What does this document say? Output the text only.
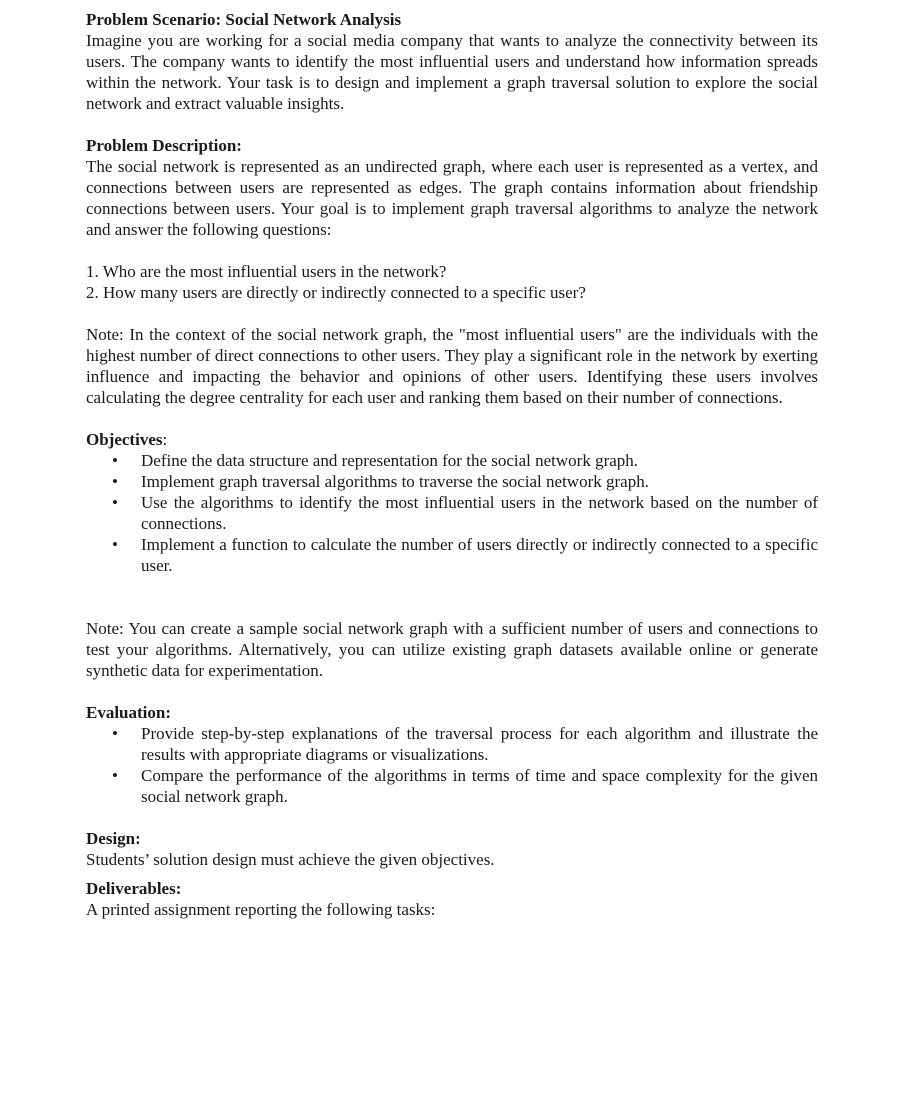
Problem Scenario: Social Network Analysis

Imagine you are working for a social media company that wants to analyze the connectivity between its users. The company wants to identify the most influential users and understand how information spreads within the network. Your task is to design and implement a graph traversal solution to explore the social network and extract valuable insights.

Problem Description:

The social network is represented as an undirected graph, where each user is represented as a vertex, and connections between users are represented as edges. The graph contains information about friendship connections between users. Your goal is to implement graph traversal algorithms to analyze the network and answer the following questions:

1. Who are the most influential users in the network?

2. How many users are directly or indirectly connected to a specific user?

Note: In the context of the social network graph, the "most influential users" are the individuals with the highest number of direct connections to other users. They play a significant role in the network by exerting influence and impacting the behavior and opinions of other users. Identifying these users involves calculating the degree centrality for each user and ranking them based on their number of connections.

Objectives:

• Define the data structure and representation for the social network graph.
• Implement graph traversal algorithms to traverse the social network graph.
• Use the algorithms to identify the most influential users in the network based on the number of connections.
• Implement a function to calculate the number of users directly or indirectly connected to a specific user.

Note: You can create a sample social network graph with a sufficient number of users and connections to test your algorithms. Alternatively, you can utilize existing graph datasets available online or generate synthetic data for experimentation.

Evaluation:

• Provide step-by-step explanations of the traversal process for each algorithm and illustrate the results with appropriate diagrams or visualizations.
• Compare the performance of the algorithms in terms of time and space complexity for the given social network graph.

Design:

Students’ solution design must achieve the given objectives.

Deliverables:

A printed assignment reporting the following tasks:
